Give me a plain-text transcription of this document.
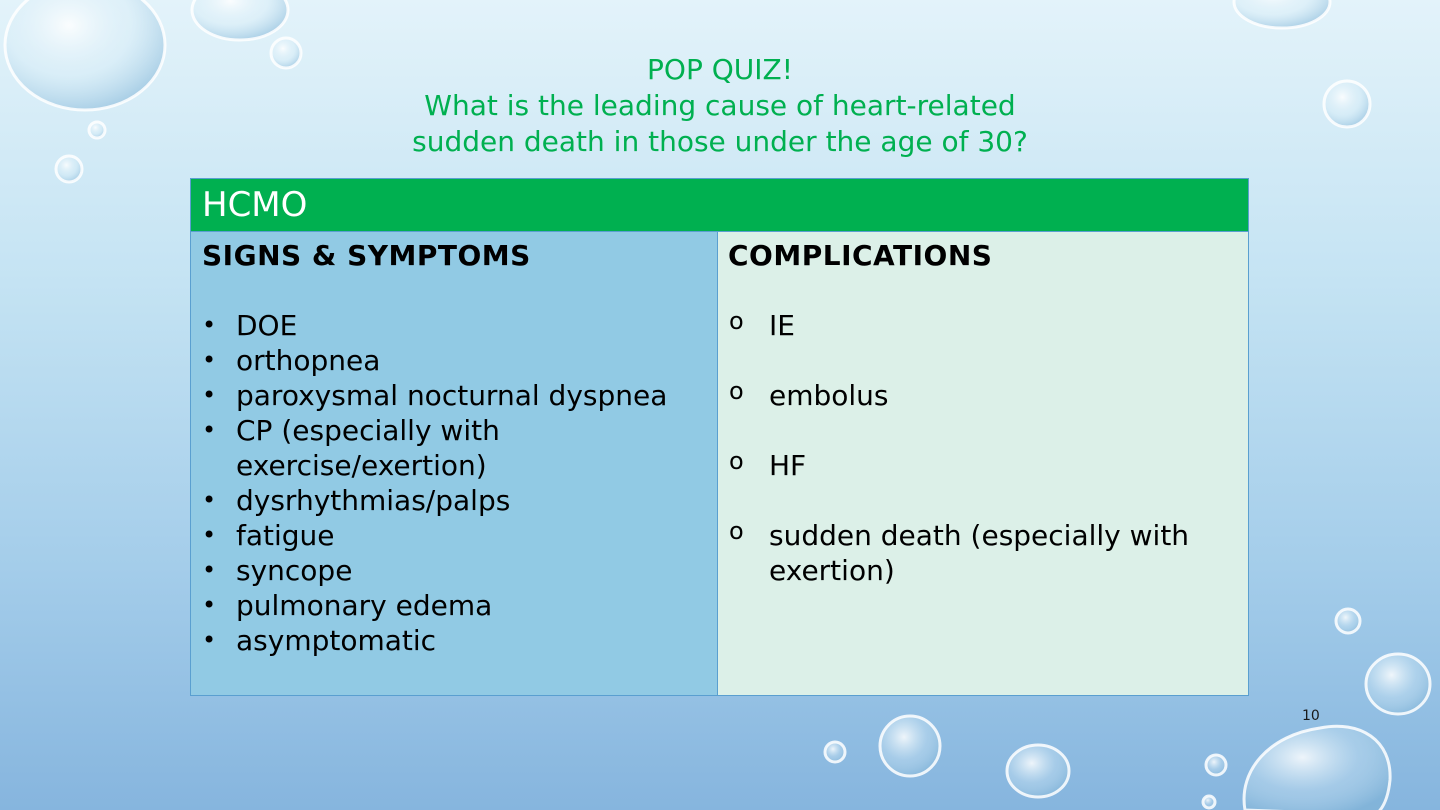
POP QUIZ!
What is the leading cause of heart-related
sudden death in those under the age of 30?
HCMO
SIGNS & SYMPTOMS
• DOE
• orthopnea
• paroxysmal nocturnal dyspnea
• CP (especially with exercise/exertion)
• dysrhythmias/palps
• fatigue
• syncope
• pulmonary edema
• asymptomatic
COMPLICATIONS
o IE
o embolus
o HF
o sudden death (especially with exertion)
10
